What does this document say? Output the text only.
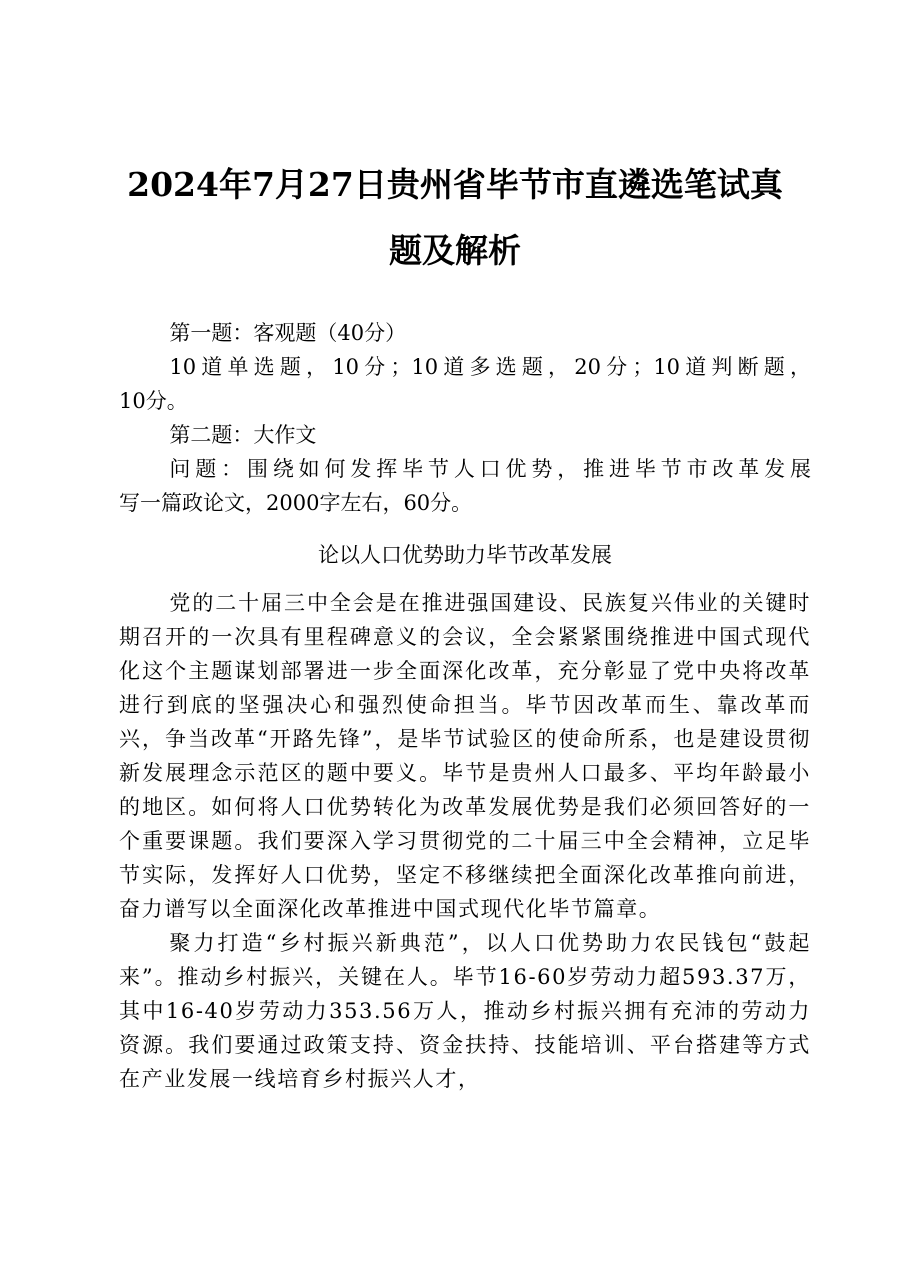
2024年7月27日贵州省毕节市直遴选笔试真
题及解析

第一题：客观题（40分）

10道单选题，10分；10道多选题，20分；10道判断题，

10分。

第二题：大作文

问题：围绕如何发挥毕节人口优势，推进毕节市改革发展

写一篇政论文，2000字左右，60分。

论以人口优势助力毕节改革发展

党的二十届三中全会是在推进强国建设、民族复兴伟业的关键时期召开的一次具有里程碑意义的会议，全会紧紧围绕推进中国式现代化这个主题谋划部署进一步全面深化改革，充分彰显了党中央将改革进行到底的坚强决心和强烈使命担当。毕节因改革而生、靠改革而兴，争当改革“开路先锋”，是毕节试验区的使命所系，也是建设贯彻新发展理念示范区的题中要义。毕节是贵州人口最多、平均年龄最小的地区。如何将人口优势转化为改革发展优势是我们必须回答好的一个重要课题。我们要深入学习贯彻党的二十届三中全会精神，立足毕节实际，发挥好人口优势，坚定不移继续把全面深化改革推向前进，奋力谱写以全面深化改革推进中国式现代化毕节篇章。

聚力打造“乡村振兴新典范”，以人口优势助力农民钱包“鼓起来”。推动乡村振兴，关键在人。毕节16-60岁劳动力超593.37万，其中16-40岁劳动力353.56万人，推动乡村振兴拥有充沛的劳动力资源。我们要通过政策支持、资金扶持、技能培训、平台搭建等方式在产业发展一线培育乡村振兴人才，
